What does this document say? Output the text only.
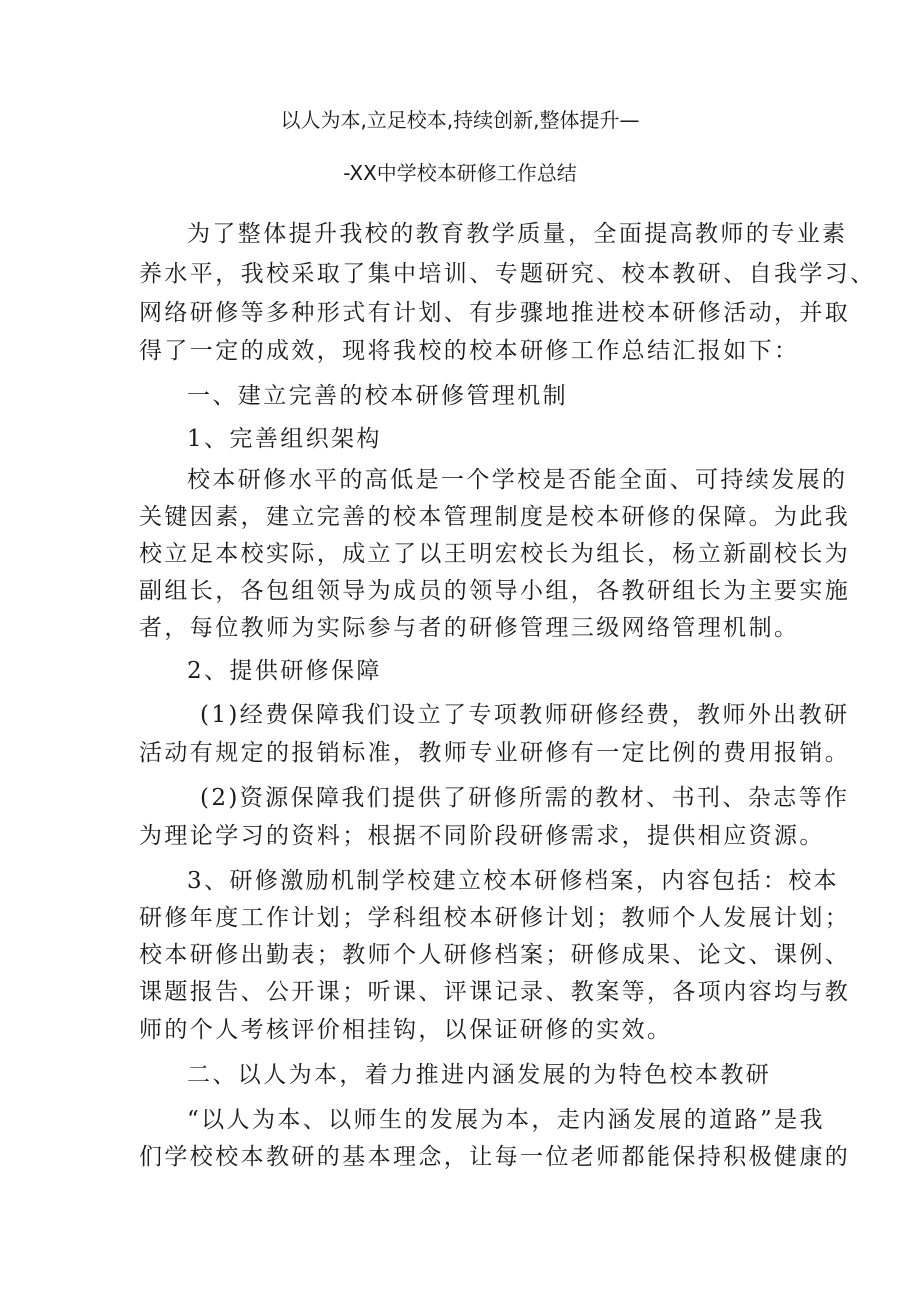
以人为本,立足校本,持续创新,整体提升—
-XX中学校本研修工作总结

为了整体提升我校的教育教学质量，全面提高教师的专业素

养水平，我校采取了集中培训、专题研究、校本教研、自我学习、

网络研修等多种形式有计划、有步骤地推进校本研修活动，并取

得了一定的成效，现将我校的校本研修工作总结汇报如下：

一、建立完善的校本研修管理机制

1、完善组织架构

校本研修水平的高低是一个学校是否能全面、可持续发展的

关键因素，建立完善的校本管理制度是校本研修的保障。为此我

校立足本校实际，成立了以王明宏校长为组长，杨立新副校长为

副组长，各包组领导为成员的领导小组，各教研组长为主要实施

者，每位教师为实际参与者的研修管理三级网络管理机制。

2、提供研修保障

(1)经费保障我们设立了专项教师研修经费，教师外出教研

活动有规定的报销标准，教师专业研修有一定比例的费用报销。

(2)资源保障我们提供了研修所需的教材、书刊、杂志等作

为理论学习的资料；根据不同阶段研修需求，提供相应资源。

3、研修激励机制学校建立校本研修档案，内容包括：校本

研修年度工作计划；学科组校本研修计划；教师个人发展计划；

校本研修出勤表；教师个人研修档案；研修成果、论文、课例、

课题报告、公开课；听课、评课记录、教案等，各项内容均与教

师的个人考核评价相挂钩，以保证研修的实效。

二、以人为本，着力推进内涵发展的为特色校本教研

“以人为本、以师生的发展为本，走内涵发展的道路”是我

们学校校本教研的基本理念，让每一位老师都能保持积极健康的
